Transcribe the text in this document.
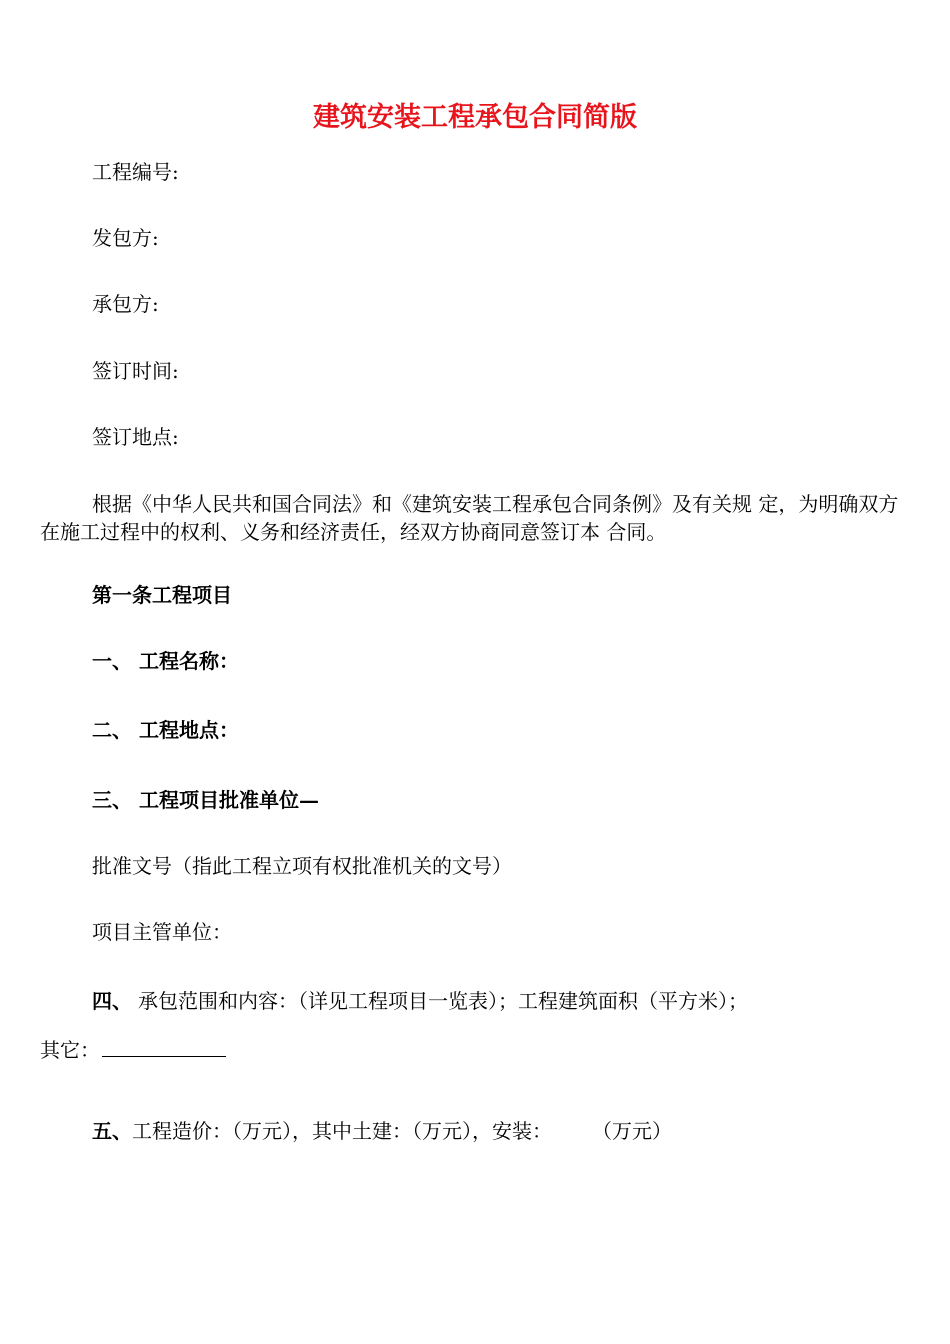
建筑安装工程承包合同简版

工程编号:

发包方:

承包方:

签订时间:

签订地点:

根据《中华人民共和国合同法》和《建筑安装工程承包合同条例》及有关规 定，为明确双方在施工过程中的权利、义务和经济责任，经双方协商同意签订本 合同。

第一条工程项目

一、 工程名称：

二、 工程地点：

三、 工程项目批准单位—

批准文号（指此工程立项有权批准机关的文号）

项目主管单位：

四、 承包范围和内容：（详见工程项目一览表）；工程建筑面积（平方米）；

其它：

五、工程造价：（万元），其中土建：（万元），安装： （万元）
